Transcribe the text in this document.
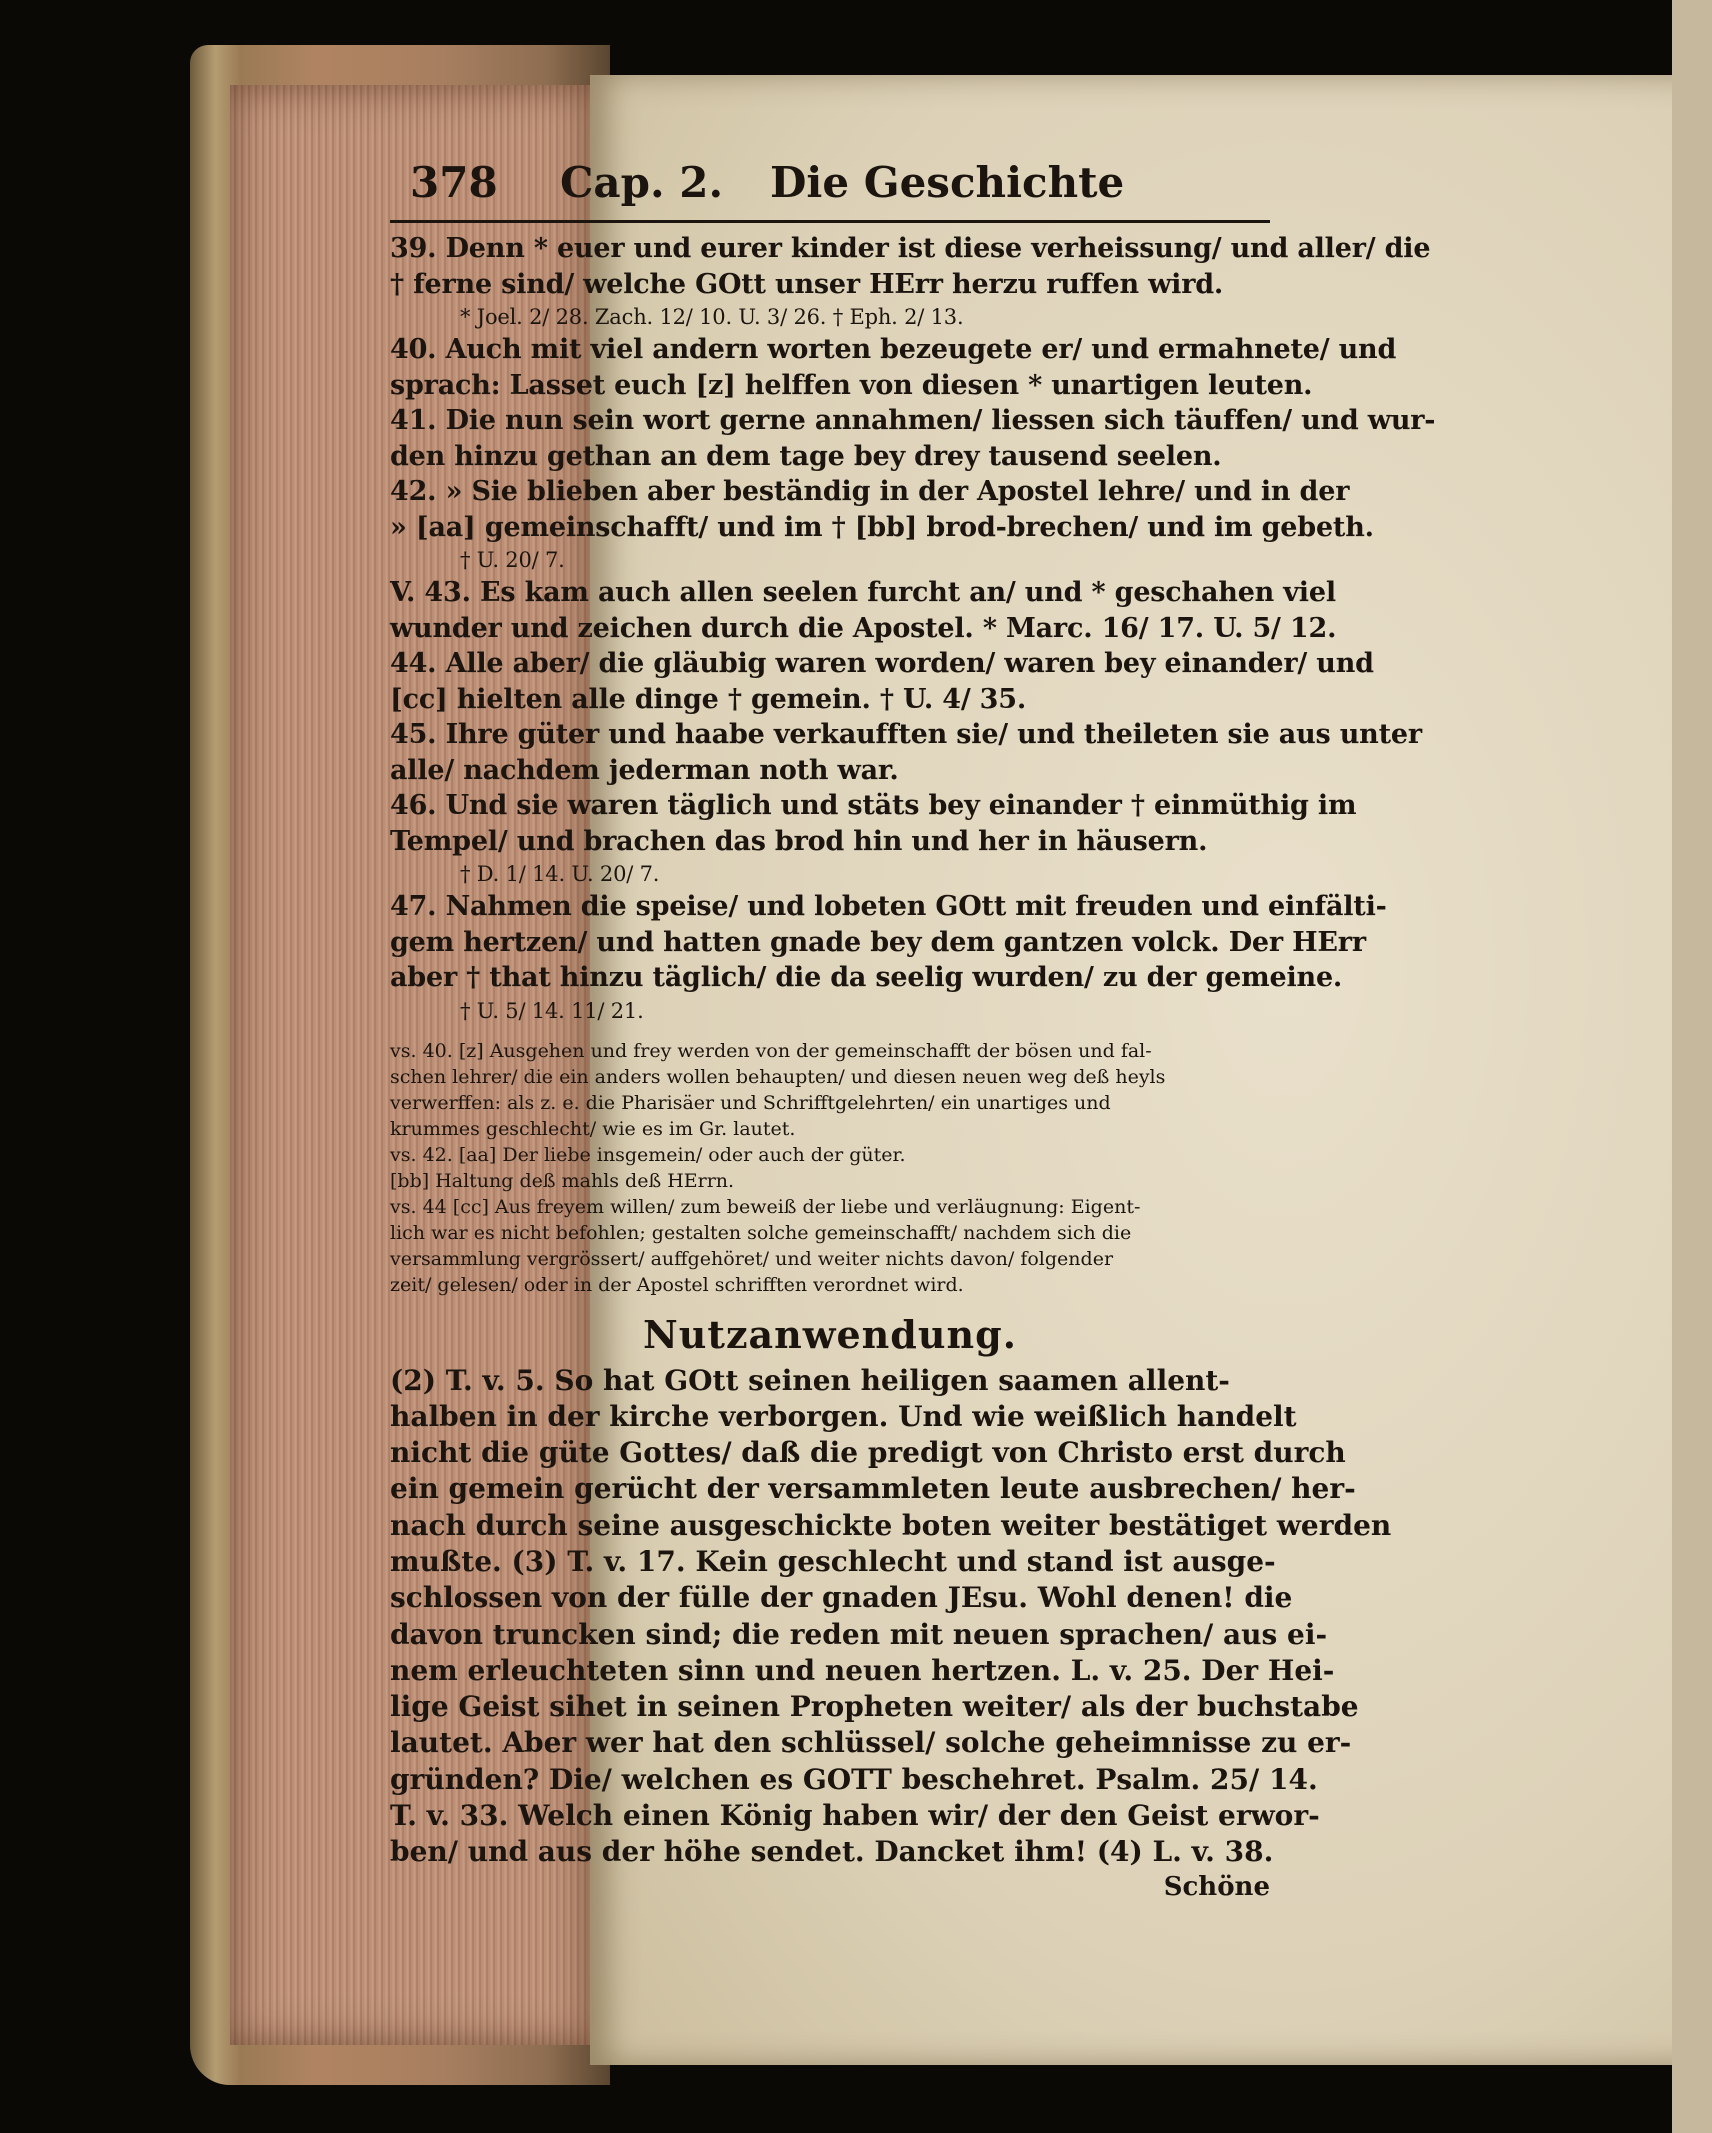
378 Cap. 2. Die Geschichte
39. Denn * euer und eurer kinder ist diese verheissung/ und aller/ die
† ferne sind/ welche GOtt unser HErr herzu ruffen wird.
* Joel. 2/ 28. Zach. 12/ 10. U. 3/ 26. † Eph. 2/ 13.
40. Auch mit viel andern worten bezeugete er/ und ermahnete/ und
sprach: Lasset euch [z] helffen von diesen * unartigen leuten.
41. Die nun sein wort gerne annahmen/ liessen sich täuffen/ und wur-
den hinzu gethan an dem tage bey drey tausend seelen.
42. » Sie blieben aber beständig in der Apostel lehre/ und in der
» [aa] gemeinschafft/ und im † [bb] brod-brechen/ und im gebeth.
† U. 20/ 7.
V. 43. Es kam auch allen seelen furcht an/ und * geschahen viel
wunder und zeichen durch die Apostel. * Marc. 16/ 17. U. 5/ 12.
44. Alle aber/ die gläubig waren worden/ waren bey einander/ und
[cc] hielten alle dinge † gemein. † U. 4/ 35.
45. Ihre güter und haabe verkaufften sie/ und theileten sie aus unter
alle/ nachdem jederman noth war.
46. Und sie waren täglich und stäts bey einander † einmüthig im
Tempel/ und brachen das brod hin und her in häusern.
† D. 1/ 14. U. 20/ 7.
47. Nahmen die speise/ und lobeten GOtt mit freuden und einfälti-
gem hertzen/ und hatten gnade bey dem gantzen volck. Der HErr
aber † that hinzu täglich/ die da seelig wurden/ zu der gemeine.
† U. 5/ 14. 11/ 21.
vs. 40. [z] Ausgehen und frey werden von der gemeinschafft der bösen und fal-
schen lehrer/ die ein anders wollen behaupten/ und diesen neuen weg deß heyls
verwerffen: als z. e. die Pharisäer und Schrifftgelehrten/ ein unartiges und
krummes geschlecht/ wie es im Gr. lautet.
vs. 42. [aa] Der liebe insgemein/ oder auch der güter.
[bb] Haltung deß mahls deß HErrn.
vs. 44 [cc] Aus freyem willen/ zum beweiß der liebe und verläugnung: Eigent-
lich war es nicht befohlen; gestalten solche gemeinschafft/ nachdem sich die
versammlung vergrössert/ auffgehöret/ und weiter nichts davon/ folgender
zeit/ gelesen/ oder in der Apostel schrifften verordnet wird.
Nutzanwendung.
(2) T. v. 5. So hat GOtt seinen heiligen saamen allent-
halben in der kirche verborgen. Und wie weißlich handelt
nicht die güte Gottes/ daß die predigt von Christo erst durch
ein gemein gerücht der versammleten leute ausbrechen/ her-
nach durch seine ausgeschickte boten weiter bestätiget werden
mußte. (3) T. v. 17. Kein geschlecht und stand ist ausge-
schlossen von der fülle der gnaden JEsu. Wohl denen! die
davon truncken sind; die reden mit neuen sprachen/ aus ei-
nem erleuchteten sinn und neuen hertzen. L. v. 25. Der Hei-
lige Geist sihet in seinen Propheten weiter/ als der buchstabe
lautet. Aber wer hat den schlüssel/ solche geheimnisse zu er-
gründen? Die/ welchen es GOTT beschehret. Psalm. 25/ 14.
T. v. 33. Welch einen König haben wir/ der den Geist erwor-
ben/ und aus der höhe sendet. Dancket ihm! (4) L. v. 38.
Schöne
